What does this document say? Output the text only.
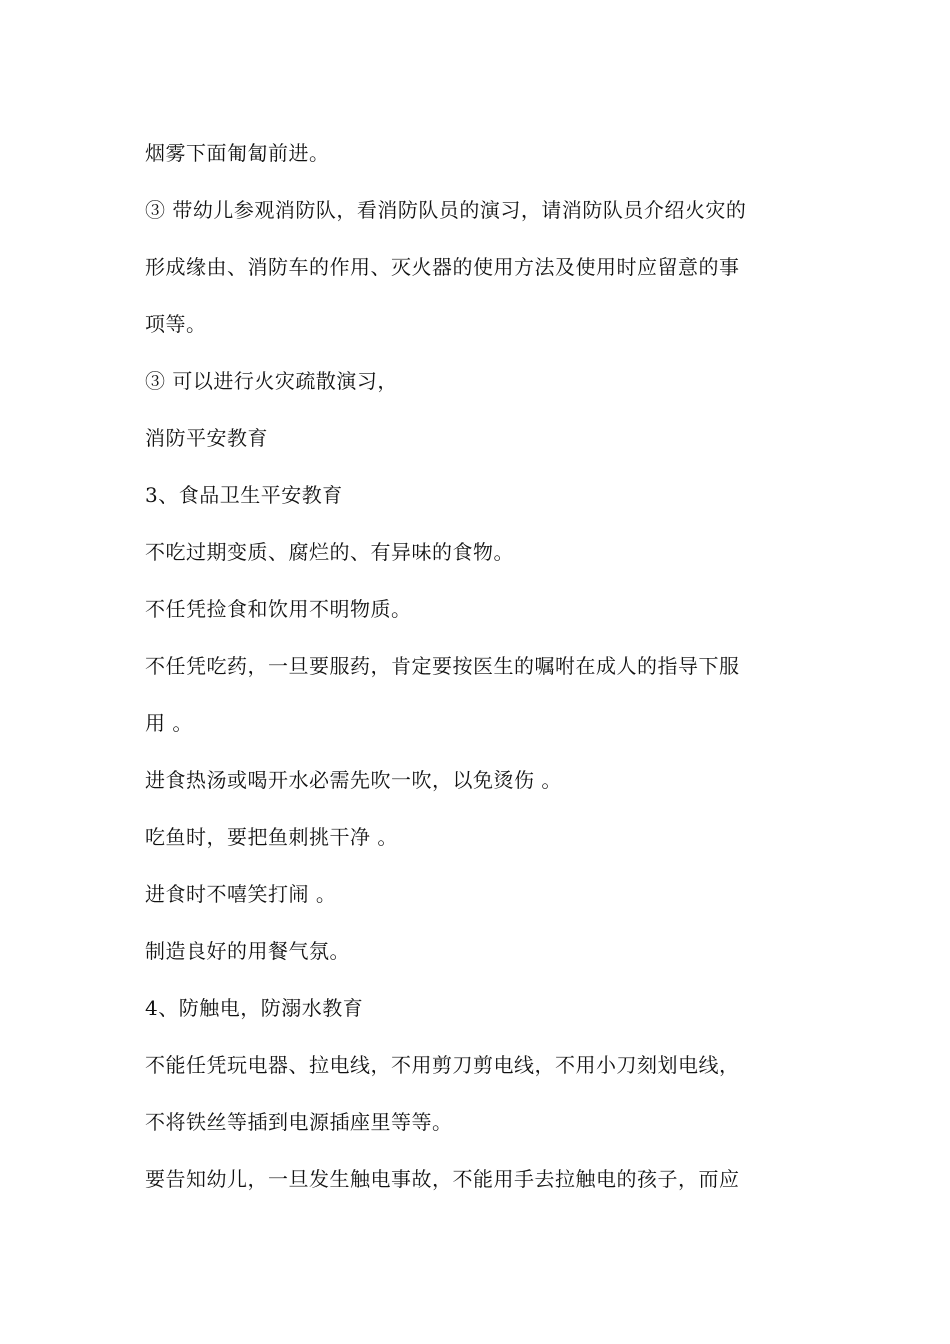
烟雾下面匍匐前进。
③ 带幼儿参观消防队，看消防队员的演习，请消防队员介绍火灾的
形成缘由、消防车的作用、灭火器的使用方法及使用时应留意的事
项等。
③ 可以进行火灾疏散演习，
消防平安教育
3、食品卫生平安教育
不吃过期变质、腐烂的、有异味的食物。
不任凭捡食和饮用不明物质。
不任凭吃药，一旦要服药，肯定要按医生的嘱咐在成人的指导下服
用 。
进食热汤或喝开水必需先吹一吹，以免烫伤 。
吃鱼时，要把鱼刺挑干净 。
进食时不嘻笑打闹 。
制造良好的用餐气氛。
4、防触电，防溺水教育
不能任凭玩电器、拉电线，不用剪刀剪电线，不用小刀刻划电线，
不将铁丝等插到电源插座里等等。
要告知幼儿，一旦发生触电事故，不能用手去拉触电的孩子，而应
